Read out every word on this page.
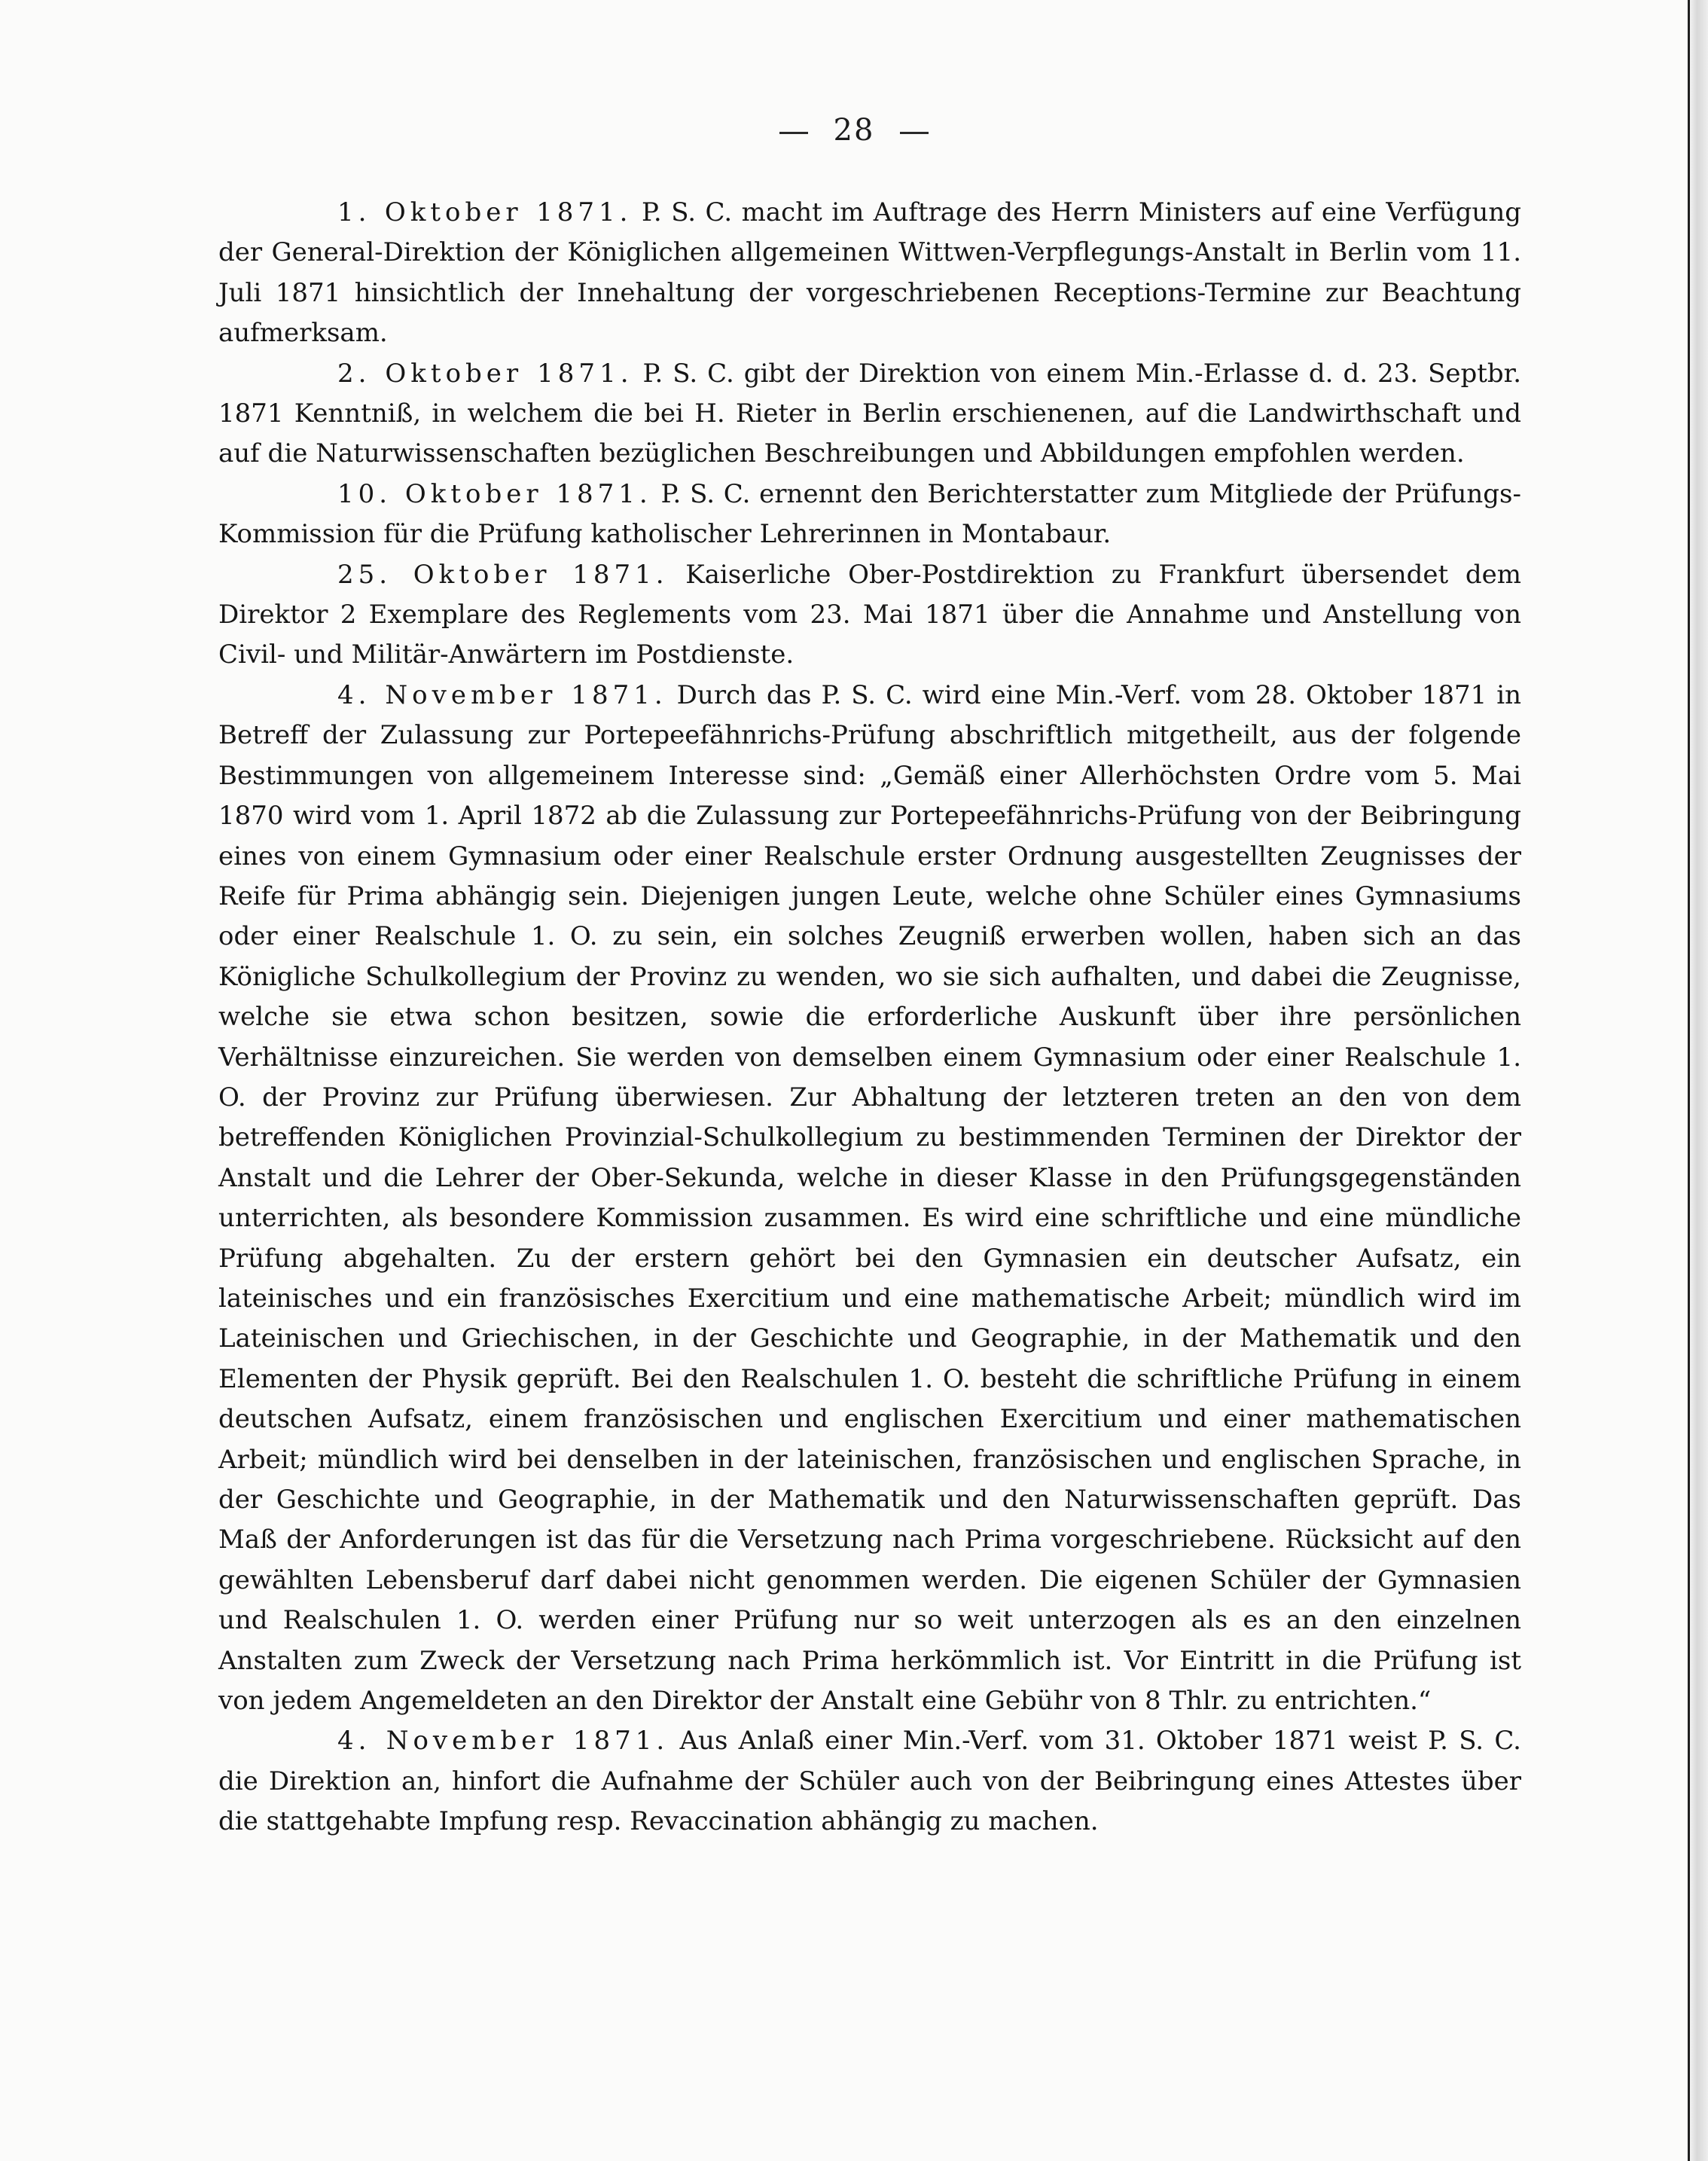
28

1. Oktober 1871. P. S. C. macht im Auftrage des Herrn Ministers auf eine Verfügung der General-Direktion der Königlichen allgemeinen Wittwen-Verpflegungs-Anstalt in Berlin vom 11. Juli 1871 hinsichtlich der Innehaltung der vorgeschriebenen Receptions-Termine zur Beachtung aufmerksam.

2. Oktober 1871. P. S. C. gibt der Direktion von einem Min.-Erlasse d. d. 23. Septbr. 1871 Kenntniß, in welchem die bei H. Rieter in Berlin erschienenen, auf die Landwirthschaft und auf die Naturwissenschaften bezüglichen Beschreibungen und Abbildungen empfohlen werden.

10. Oktober 1871. P. S. C. ernennt den Berichterstatter zum Mitgliede der Prüfungs-Kommission für die Prüfung katholischer Lehrerinnen in Montabaur.

25. Oktober 1871. Kaiserliche Ober-Postdirektion zu Frankfurt übersendet dem Direktor 2 Exemplare des Reglements vom 23. Mai 1871 über die Annahme und Anstellung von Civil- und Militär-Anwärtern im Postdienste.

4. November 1871. Durch das P. S. C. wird eine Min.-Verf. vom 28. Oktober 1871 in Betreff der Zulassung zur Portepeefähnrichs-Prüfung abschriftlich mitgetheilt, aus der folgende Bestimmungen von allgemeinem Interesse sind: „Gemäß einer Allerhöchsten Ordre vom 5. Mai 1870 wird vom 1. April 1872 ab die Zulassung zur Portepeefähnrichs-Prüfung von der Beibringung eines von einem Gymnasium oder einer Realschule erster Ordnung ausgestellten Zeugnisses der Reife für Prima abhängig sein. Diejenigen jungen Leute, welche ohne Schüler eines Gymnasiums oder einer Realschule 1. O. zu sein, ein solches Zeugniß erwerben wollen, haben sich an das Königliche Schulkollegium der Provinz zu wenden, wo sie sich aufhalten, und dabei die Zeugnisse, welche sie etwa schon besitzen, sowie die erforderliche Auskunft über ihre persönlichen Verhältnisse einzureichen. Sie werden von demselben einem Gymnasium oder einer Realschule 1. O. der Provinz zur Prüfung überwiesen. Zur Abhaltung der letzteren treten an den von dem betreffenden Königlichen Provinzial-Schulkollegium zu bestimmenden Terminen der Direktor der Anstalt und die Lehrer der Ober-Sekunda, welche in dieser Klasse in den Prüfungsgegenständen unterrichten, als besondere Kommission zusammen. Es wird eine schriftliche und eine mündliche Prüfung abgehalten. Zu der erstern gehört bei den Gymnasien ein deutscher Aufsatz, ein lateinisches und ein französisches Exercitium und eine mathematische Arbeit; mündlich wird im Lateinischen und Griechischen, in der Geschichte und Geographie, in der Mathematik und den Elementen der Physik geprüft. Bei den Realschulen 1. O. besteht die schriftliche Prüfung in einem deutschen Aufsatz, einem französischen und englischen Exercitium und einer mathematischen Arbeit; mündlich wird bei denselben in der lateinischen, französischen und englischen Sprache, in der Geschichte und Geographie, in der Mathematik und den Naturwissenschaften geprüft. Das Maß der Anforderungen ist das für die Versetzung nach Prima vorgeschriebene. Rücksicht auf den gewählten Lebensberuf darf dabei nicht genommen werden. Die eigenen Schüler der Gymnasien und Realschulen 1. O. werden einer Prüfung nur so weit unterzogen als es an den einzelnen Anstalten zum Zweck der Versetzung nach Prima herkömmlich ist. Vor Eintritt in die Prüfung ist von jedem Angemeldeten an den Direktor der Anstalt eine Gebühr von 8 Thlr. zu entrichten.“

4. November 1871. Aus Anlaß einer Min.-Verf. vom 31. Oktober 1871 weist P. S. C. die Direktion an, hinfort die Aufnahme der Schüler auch von der Beibringung eines Attestes über die stattgehabte Impfung resp. Revaccination abhängig zu machen.
